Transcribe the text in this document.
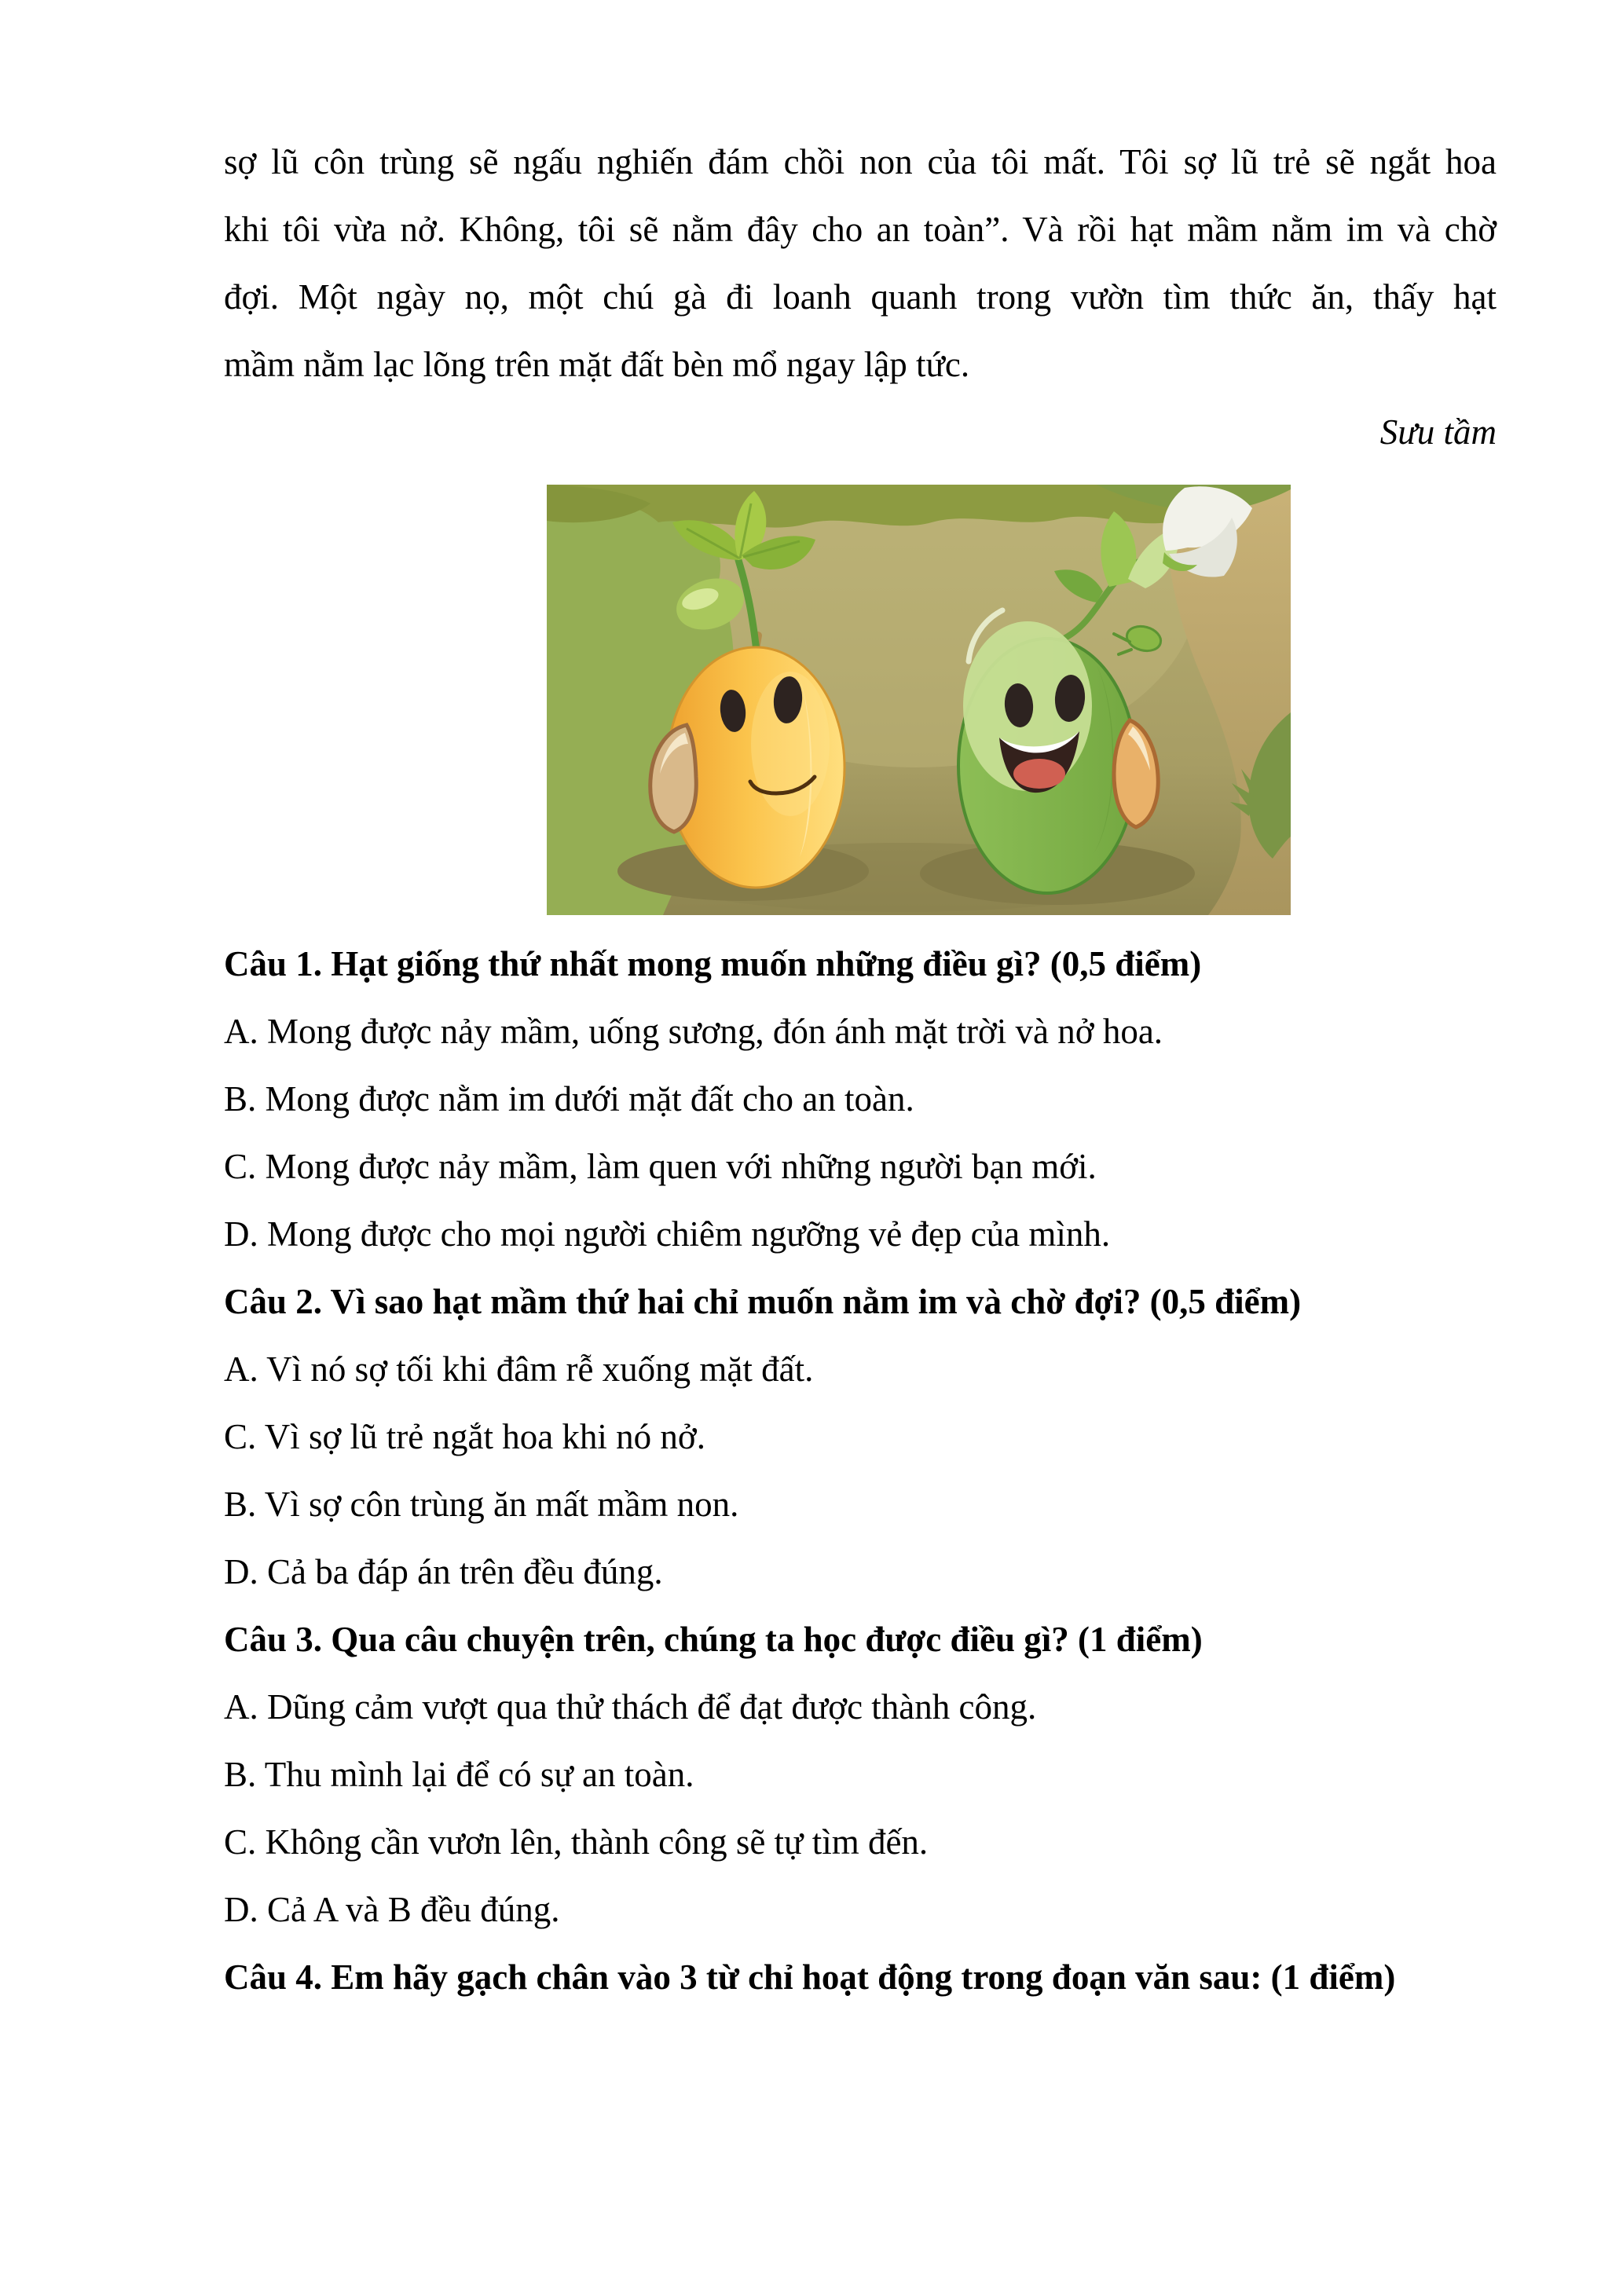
sợ lũ côn trùng sẽ ngấu nghiến đám chồi non của tôi mất. Tôi sợ lũ trẻ sẽ ngắt hoa

khi tôi vừa nở. Không, tôi sẽ nằm đây cho an toàn”. Và rồi hạt mầm nằm im và chờ

đợi. Một ngày nọ, một chú gà đi loanh quanh trong vườn tìm thức ăn, thấy hạt

mầm nằm lạc lõng trên mặt đất bèn mổ ngay lập tức.

Sưu tầm

Câu 1. Hạt giống thứ nhất mong muốn những điều gì? (0,5 điểm)

A. Mong được nảy mầm, uống sương, đón ánh mặt trời và nở hoa.

B. Mong được nằm im dưới mặt đất cho an toàn.

C. Mong được nảy mầm, làm quen với những người bạn mới.

D. Mong được cho mọi người chiêm ngưỡng vẻ đẹp của mình.

Câu 2. Vì sao hạt mầm thứ hai chỉ muốn nằm im và chờ đợi? (0,5 điểm)

A. Vì nó sợ tối khi đâm rễ xuống mặt đất.

C. Vì sợ lũ trẻ ngắt hoa khi nó nở.

B. Vì sợ côn trùng ăn mất mầm non.

D. Cả ba đáp án trên đều đúng.

Câu 3. Qua câu chuyện trên, chúng ta học được điều gì? (1 điểm)

A. Dũng cảm vượt qua thử thách để đạt được thành công.

B. Thu mình lại để có sự an toàn.

C. Không cần vươn lên, thành công sẽ tự tìm đến.

D. Cả A và B đều đúng.

Câu 4. Em hãy gạch chân vào 3 từ chỉ hoạt động trong đoạn văn sau: (1 điểm)
